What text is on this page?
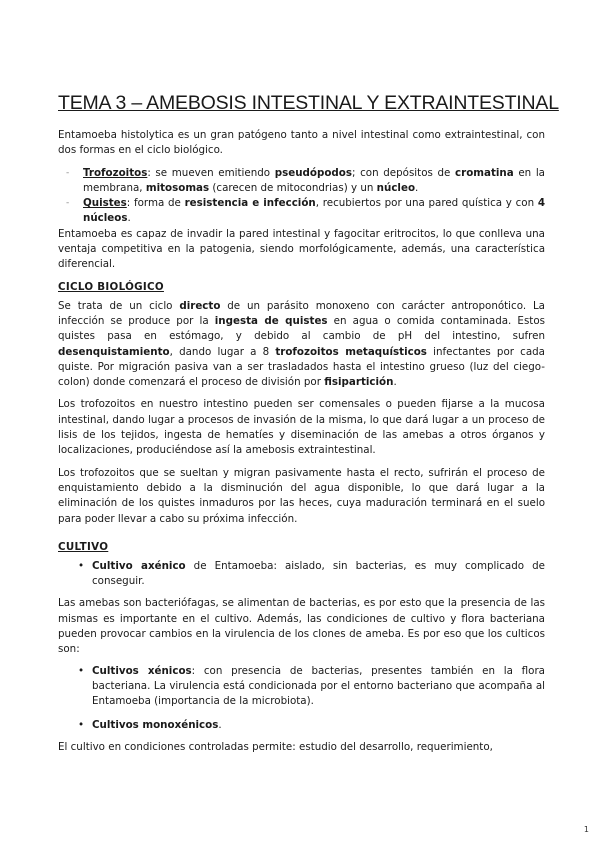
TEMA 3 – AMEBOSIS INTESTINAL Y EXTRAINTESTINAL

Entamoeba histolytica es un gran patógeno tanto a nivel intestinal como extraintestinal, con dos formas en el ciclo biológico.

- Trofozoitos: se mueven emitiendo pseudópodos; con depósitos de cromatina en la membrana, mitosomas (carecen de mitocondrias) y un núcleo.
- Quistes: forma de resistencia e infección, recubiertos por una pared quística y con 4 núcleos.

Entamoeba es capaz de invadir la pared intestinal y fagocitar eritrocitos, lo que conlleva una ventaja competitiva en la patogenia, siendo morfológicamente, además, una característica diferencial.

CICLO BIOLÓGICO

Se trata de un ciclo directo de un parásito monoxeno con carácter antroponótico. La infección se produce por la ingesta de quistes en agua o comida contaminada. Estos quistes pasa en estómago, y debido al cambio de pH del intestino, sufren desenquistamiento, dando lugar a 8 trofozoitos metaquísticos infectantes por cada quiste. Por migración pasiva van a ser trasladados hasta el intestino grueso (luz del ciego-colon) donde comenzará el proceso de división por fisipartición.

Los trofozoitos en nuestro intestino pueden ser comensales o pueden fijarse a la mucosa intestinal, dando lugar a procesos de invasión de la misma, lo que dará lugar a un proceso de lisis de los tejidos, ingesta de hematíes y diseminación de las amebas a otros órganos y localizaciones, produciéndose así la amebosis extraintestinal.

Los trofozoitos que se sueltan y migran pasivamente hasta el recto, sufrirán el proceso de enquistamiento debido a la disminución del agua disponible, lo que dará lugar a la eliminación de los quistes inmaduros por las heces, cuya maduración terminará en el suelo para poder llevar a cabo su próxima infección.

CULTIVO
• Cultivo axénico de Entamoeba: aislado, sin bacterias, es muy complicado de conseguir.

Las amebas son bacteriófagas, se alimentan de bacterias, es por esto que la presencia de las mismas es importante en el cultivo. Además, las condiciones de cultivo y flora bacteriana pueden provocar cambios en la virulencia de los clones de ameba. Es por eso que los culticos son:

• Cultivos xénicos: con presencia de bacterias, presentes también en la flora bacteriana. La virulencia está condicionada por el entorno bacteriano que acompaña al Entamoeba (importancia de la microbiota).
• Cultivos monoxénicos.

El cultivo en condiciones controladas permite: estudio del desarrollo, requerimiento,

1
